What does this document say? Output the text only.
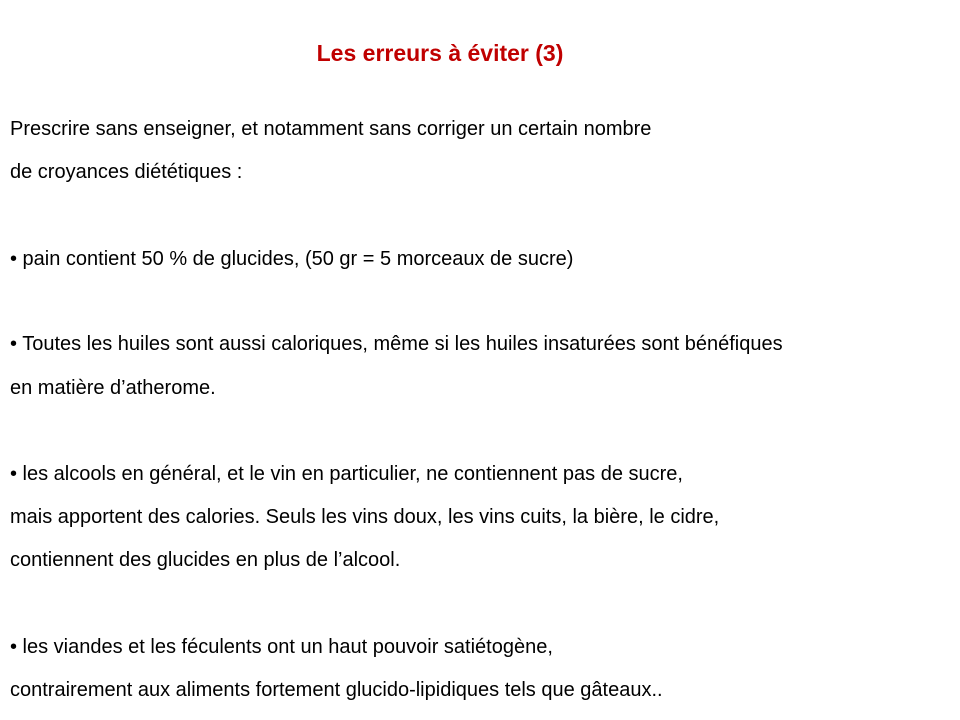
Les erreurs à éviter (3)
Prescrire sans enseigner, et notamment sans corriger un certain nombre
de croyances diététiques :
• pain contient 50 % de glucides, (50 gr = 5 morceaux de sucre)
• Toutes les huiles sont aussi caloriques, même si les huiles insaturées sont bénéfiques
en matière d’atherome.
• les alcools en général, et le vin en particulier, ne contiennent pas de sucre,
mais apportent des calories. Seuls les vins doux, les vins cuits, la bière, le cidre,
contiennent des glucides en plus de l’alcool.
• les viandes et les féculents ont un haut pouvoir satiétogène,
contrairement aux aliments fortement glucido-lipidiques tels que gâteaux..
